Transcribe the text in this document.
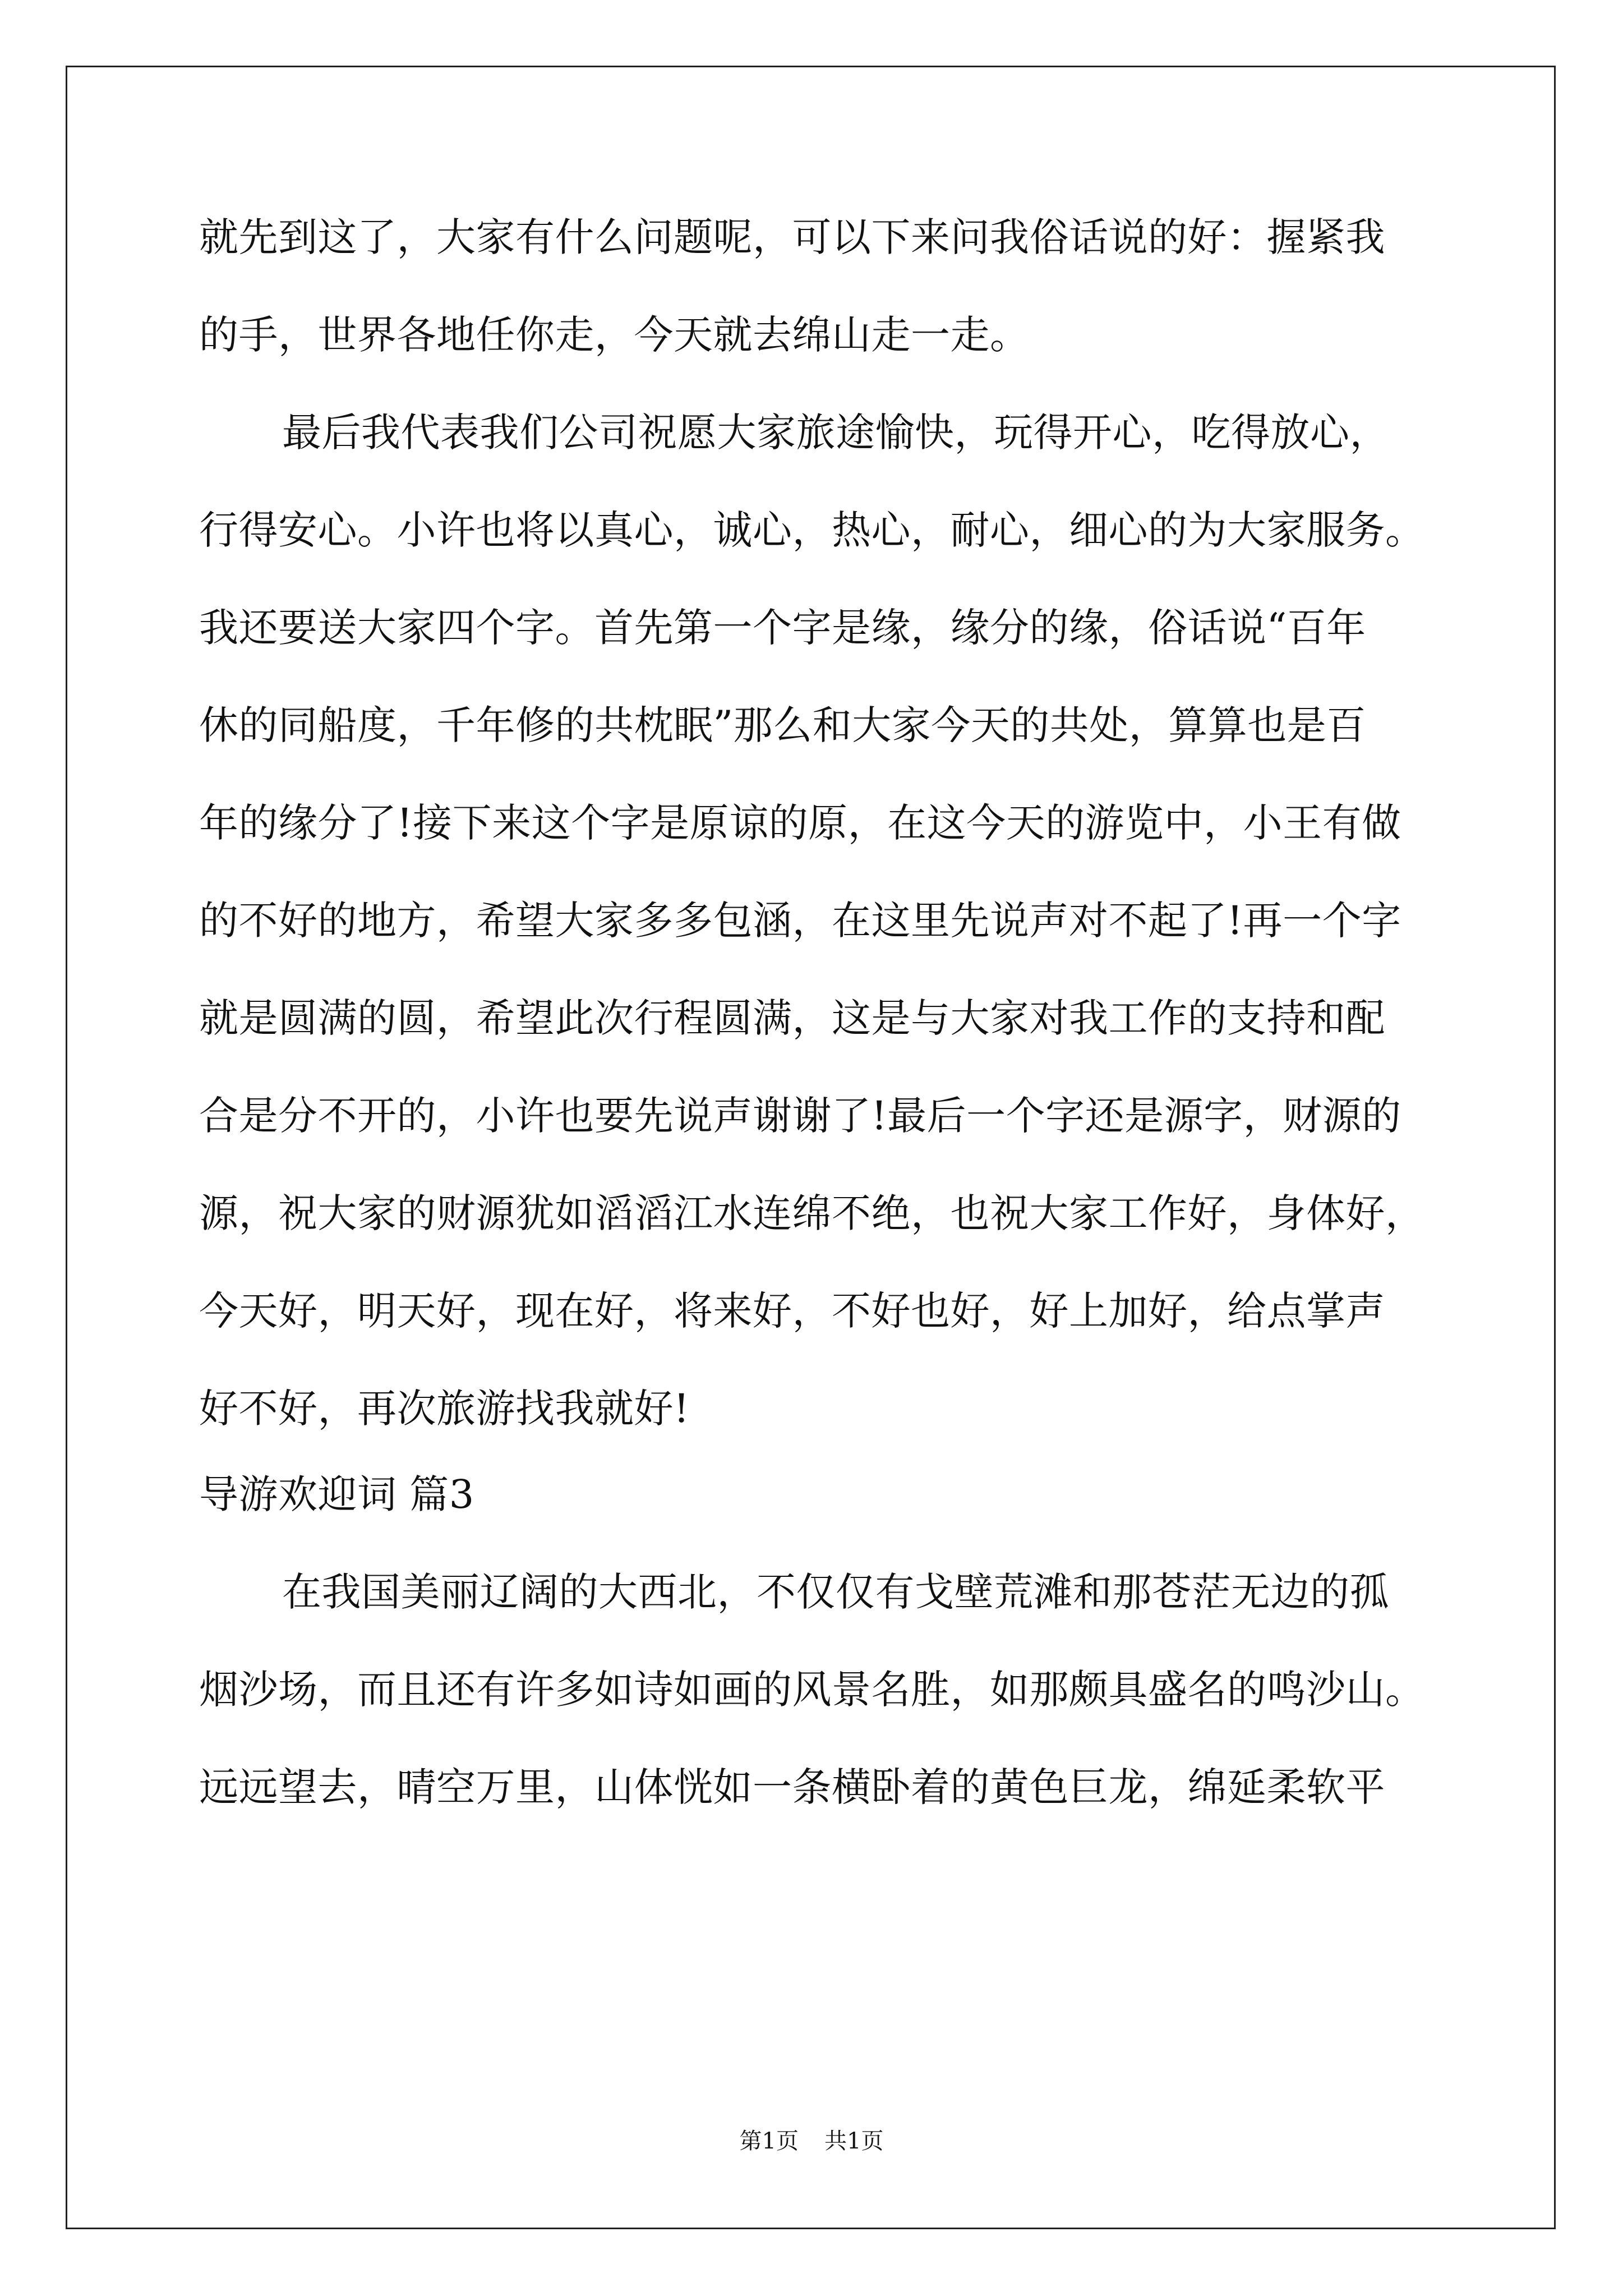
就先到这了，大家有什么问题呢，可以下来问我俗话说的好：握紧我
的手，世界各地任你走，今天就去绵山走一走。
最后我代表我们公司祝愿大家旅途愉快，玩得开心，吃得放心，
行得安心。小许也将以真心，诚心，热心，耐心，细心的为大家服务。
我还要送大家四个字。首先第一个字是缘，缘分的缘，俗话说“百年
休的同船度，千年修的共枕眠”那么和大家今天的共处，算算也是百
年的缘分了!接下来这个字是原谅的原，在这今天的游览中，小王有做
的不好的地方，希望大家多多包涵，在这里先说声对不起了!再一个字
就是圆满的圆，希望此次行程圆满，这是与大家对我工作的支持和配
合是分不开的，小许也要先说声谢谢了!最后一个字还是源字，财源的
源，祝大家的财源犹如滔滔江水连绵不绝，也祝大家工作好，身体好，
今天好，明天好，现在好，将来好，不好也好，好上加好，给点掌声
好不好，再次旅游找我就好!
导游欢迎词 篇3
在我国美丽辽阔的大西北，不仅仅有戈壁荒滩和那苍茫无边的孤
烟沙场，而且还有许多如诗如画的风景名胜，如那颇具盛名的鸣沙山。
远远望去，晴空万里，山体恍如一条横卧着的黄色巨龙，绵延柔软平
第1页 共1页
